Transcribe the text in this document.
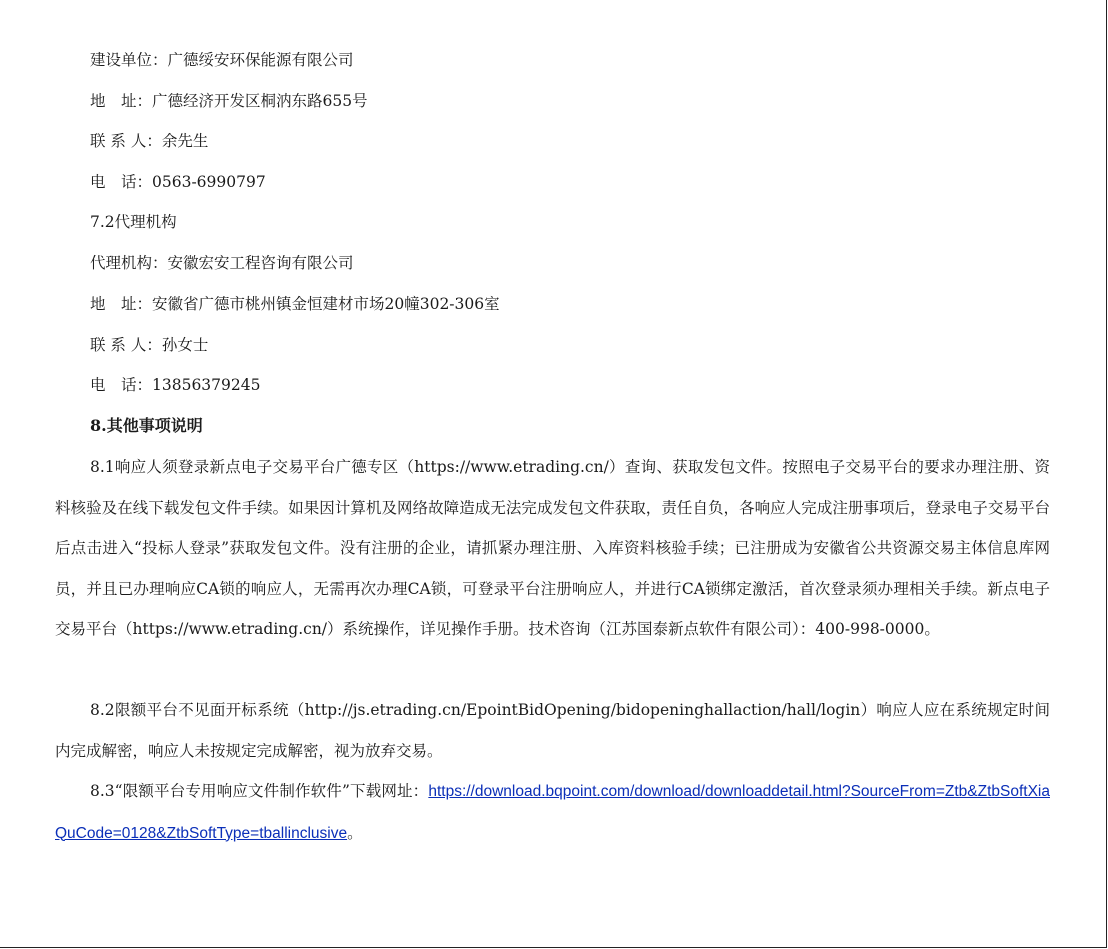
建设单位：广德绥安环保能源有限公司
地　址：广德经济开发区桐汭东路655号
联 系 人：余先生
电　话：0563-6990797
7.2代理机构
代理机构：安徽宏安工程咨询有限公司
地　址：安徽省广德市桃州镇金恒建材市场20幢302-306室
联 系 人：孙女士
电　话：13856379245
8.其他事项说明
8.1响应人须登录新点电子交易平台广德专区（https://www.etrading.cn/）查询、获取发包文件。按照电子交易平台的要求办理注册、资料核验及在线下载发包文件手续。如果因计算机及网络故障造成无法完成发包文件获取，责任自负，各响应人完成注册事项后，登录电子交易平台后点击进入“投标人登录”获取发包文件。没有注册的企业，请抓紧办理注册、入库资料核验手续；已注册成为安徽省公共资源交易主体信息库网员，并且已办理响应CA锁的响应人，无需再次办理CA锁，可登录平台注册响应人，并进行CA锁绑定激活，首次登录须办理相关手续。新点电子交易平台（https://www.etrading.cn/）系统操作，详见操作手册。技术咨询（江苏国泰新点软件有限公司）：400-998-0000。
8.2限额平台不见面开标系统（http://js.etrading.cn/EpointBidOpening/bidopeninghallaction/hall/login）响应人应在系统规定时间内完成解密，响应人未按规定完成解密，视为放弃交易。
8.3“限额平台专用响应文件制作软件”下载网址：https://download.bqpoint.com/download/downloaddetail.html?SourceFrom=Ztb&ZtbSoftXiaQuCode=0128&ZtbSoftType=tballinclusive。
